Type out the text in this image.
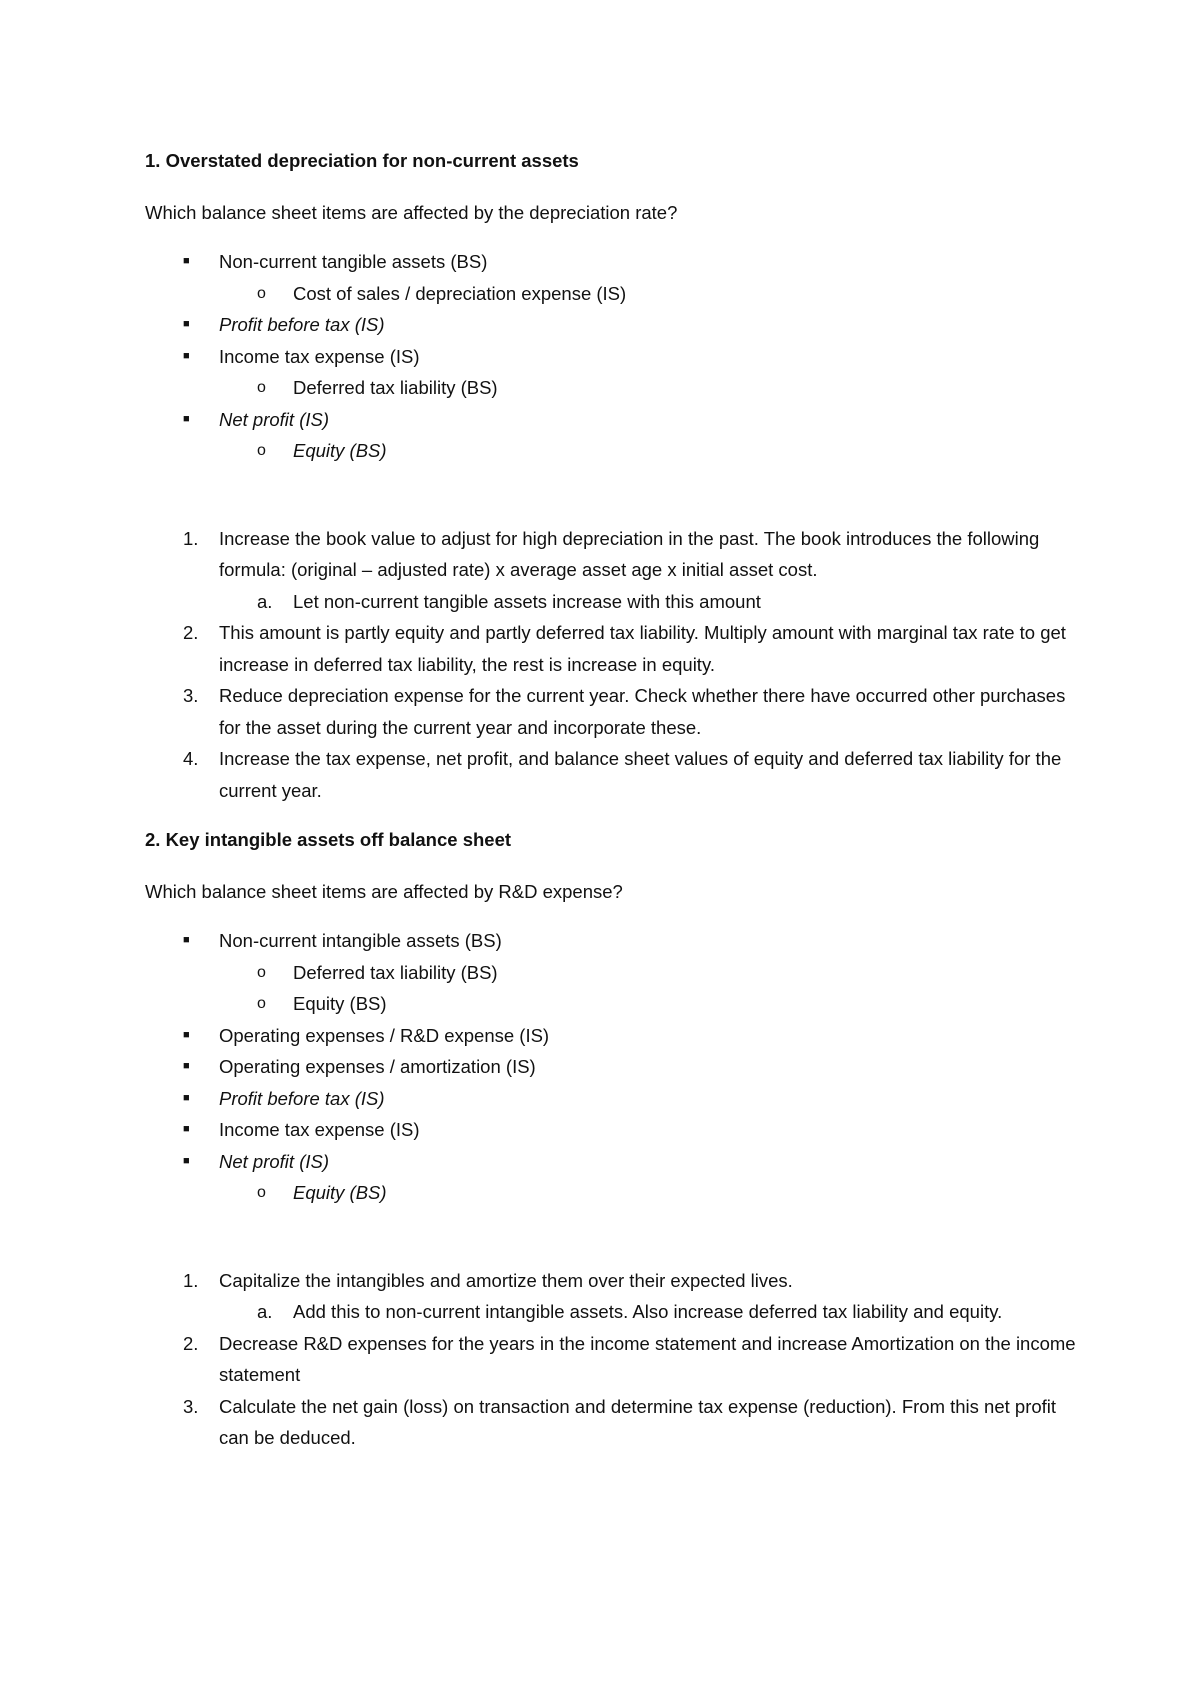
1. Overstated depreciation for non-current assets
Which balance sheet items are affected by the depreciation rate?
■ Non-current tangible assets (BS)
o Cost of sales / depreciation expense (IS)
■ Profit before tax (IS)
■ Income tax expense (IS)
o Deferred tax liability (BS)
■ Net profit (IS)
o Equity (BS)
1.	Increase the book value to adjust for high depreciation in the past. The book introduces the following formula: (original – adjusted rate) x average asset age x initial asset cost.
a.	Let non-current tangible assets increase with this amount
2.	This amount is partly equity and partly deferred tax liability. Multiply amount with marginal tax rate to get increase in deferred tax liability, the rest is increase in equity.
3.	Reduce depreciation expense for the current year. Check whether there have occurred other purchases for the asset during the current year and incorporate these.
4.	Increase the tax expense, net profit, and balance sheet values of equity and deferred tax liability for the current year.
2. Key intangible assets off balance sheet
Which balance sheet items are affected by R&D expense?
■ Non-current intangible assets (BS)
o Deferred tax liability (BS)
o Equity (BS)
■ Operating expenses / R&D expense (IS)
■ Operating expenses / amortization (IS)
■ Profit before tax (IS)
■ Income tax expense (IS)
■ Net profit (IS)
o Equity (BS)
1.	Capitalize the intangibles and amortize them over their expected lives.
a.	Add this to non-current intangible assets. Also increase deferred tax liability and equity.
2.	Decrease R&D expenses for the years in the income statement and increase Amortization on the income statement
3.	Calculate the net gain (loss) on transaction and determine tax expense (reduction). From this net profit can be deduced.
